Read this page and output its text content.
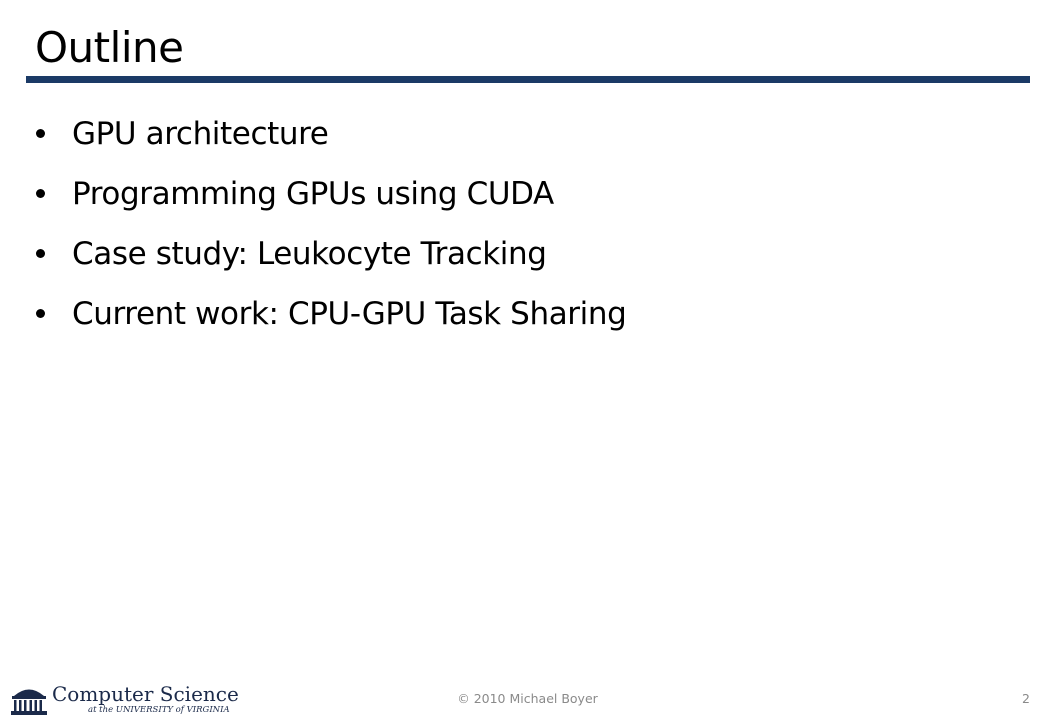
Outline
GPU architecture
Programming GPUs using CUDA
Case study: Leukocyte Tracking
Current work: CPU-GPU Task Sharing
Computer Science
at the UNIVERSITY of VIRGINIA
© 2010 Michael Boyer	2
